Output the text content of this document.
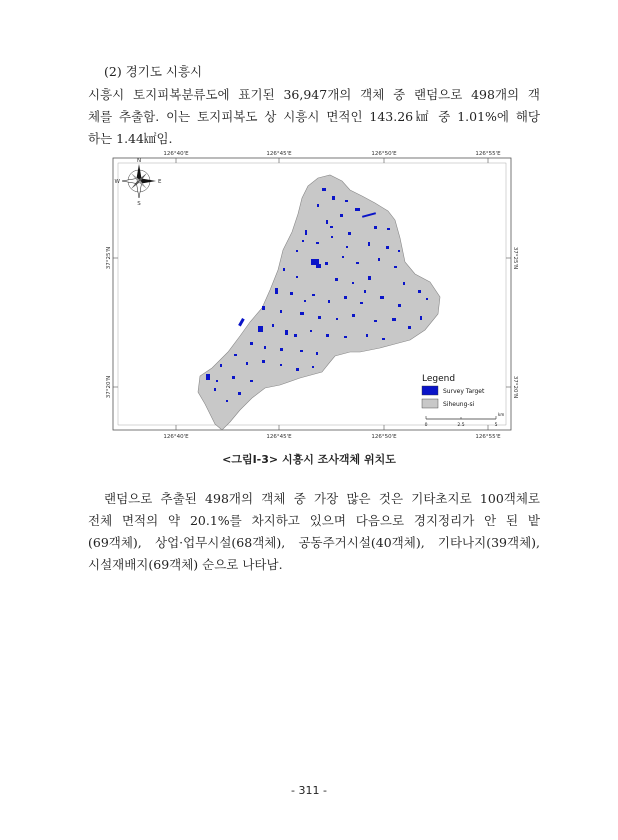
(2) 경기도 시흥시
시흥시 토지피복분류도에 표기된 36,947개의 객체 중 랜덤으로 498개의 객
체를 추출함. 이는 토지피복도 상 시흥시 면적인 143.26㎢ 중 1.01%에 해당
하는 1.44㎢임.
126°40'E	126°45'E	126°50'E	126°55'E
126°40'E	126°45'E	126°50'E	126°55'E
37°25'N
37°20'N
37°25'N
37°20'N
N
E
S
W
Legend
Survey Target
Siheung-si
0	2.5	5
km
<그림Ⅰ-3> 시흥시 조사객체 위치도
랜덤으로 추출된 498개의 객체 중 가장 많은 것은 기타초지로 100객체로
전체 면적의 약 20.1%를 차지하고 있으며 다음으로 경지정리가 안 된 밭
(69객체), 상업·업무시설(68객체), 공동주거시설(40객체), 기타나지(39객체),
시설재배지(69객체) 순으로 나타남.
- 311 -
